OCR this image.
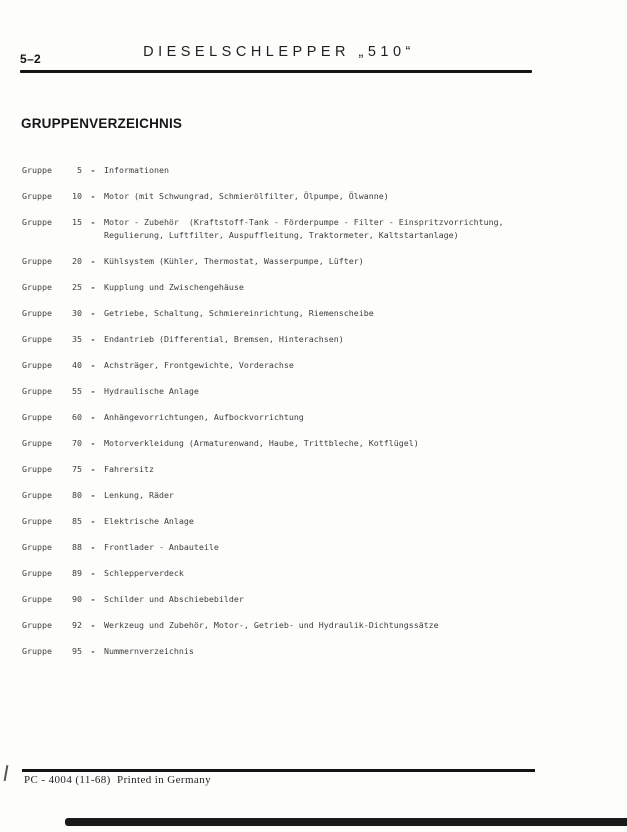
5–2	DIESELSCHLEPPER „510“
GRUPPENVERZEICHNIS
Gruppe	5	-	Informationen
Gruppe	10	-	Motor (mit Schwungrad, Schmierölfilter, Ölpumpe, Ölwanne)
Gruppe	15	-	Motor - Zubehör  (Kraftstoff-Tank - Förderpumpe - Filter - Einspritzvorrichtung,
Regulierung, Luftfilter, Auspuffleitung, Traktormeter, Kaltstartanlage)
Gruppe	20	-	Kühlsystem (Kühler, Thermostat, Wasserpumpe, Lüfter)
Gruppe	25	-	Kupplung und Zwischengehäuse
Gruppe	30	-	Getriebe, Schaltung, Schmiereinrichtung, Riemenscheibe
Gruppe	35	-	Endantrieb (Differential, Bremsen, Hinterachsen)
Gruppe	40	-	Achsträger, Frontgewichte, Vorderachse
Gruppe	55	-	Hydraulische Anlage
Gruppe	60	-	Anhängevorrichtungen, Aufbockvorrichtung
Gruppe	70	-	Motorverkleidung (Armaturenwand, Haube, Trittbleche, Kotflügel)
Gruppe	75	-	Fahrersitz
Gruppe	80	-	Lenkung, Räder
Gruppe	85	-	Elektrische Anlage
Gruppe	88	-	Frontlader - Anbauteile
Gruppe	89	-	Schlepperverdeck
Gruppe	90	-	Schilder und Abschiebebilder
Gruppe	92	-	Werkzeug und Zubehör, Motor-, Getrieb- und Hydraulik-Dichtungssätze
Gruppe	95	-	Nummernverzeichnis
PC - 4004 (11-68)  Printed in Germany
